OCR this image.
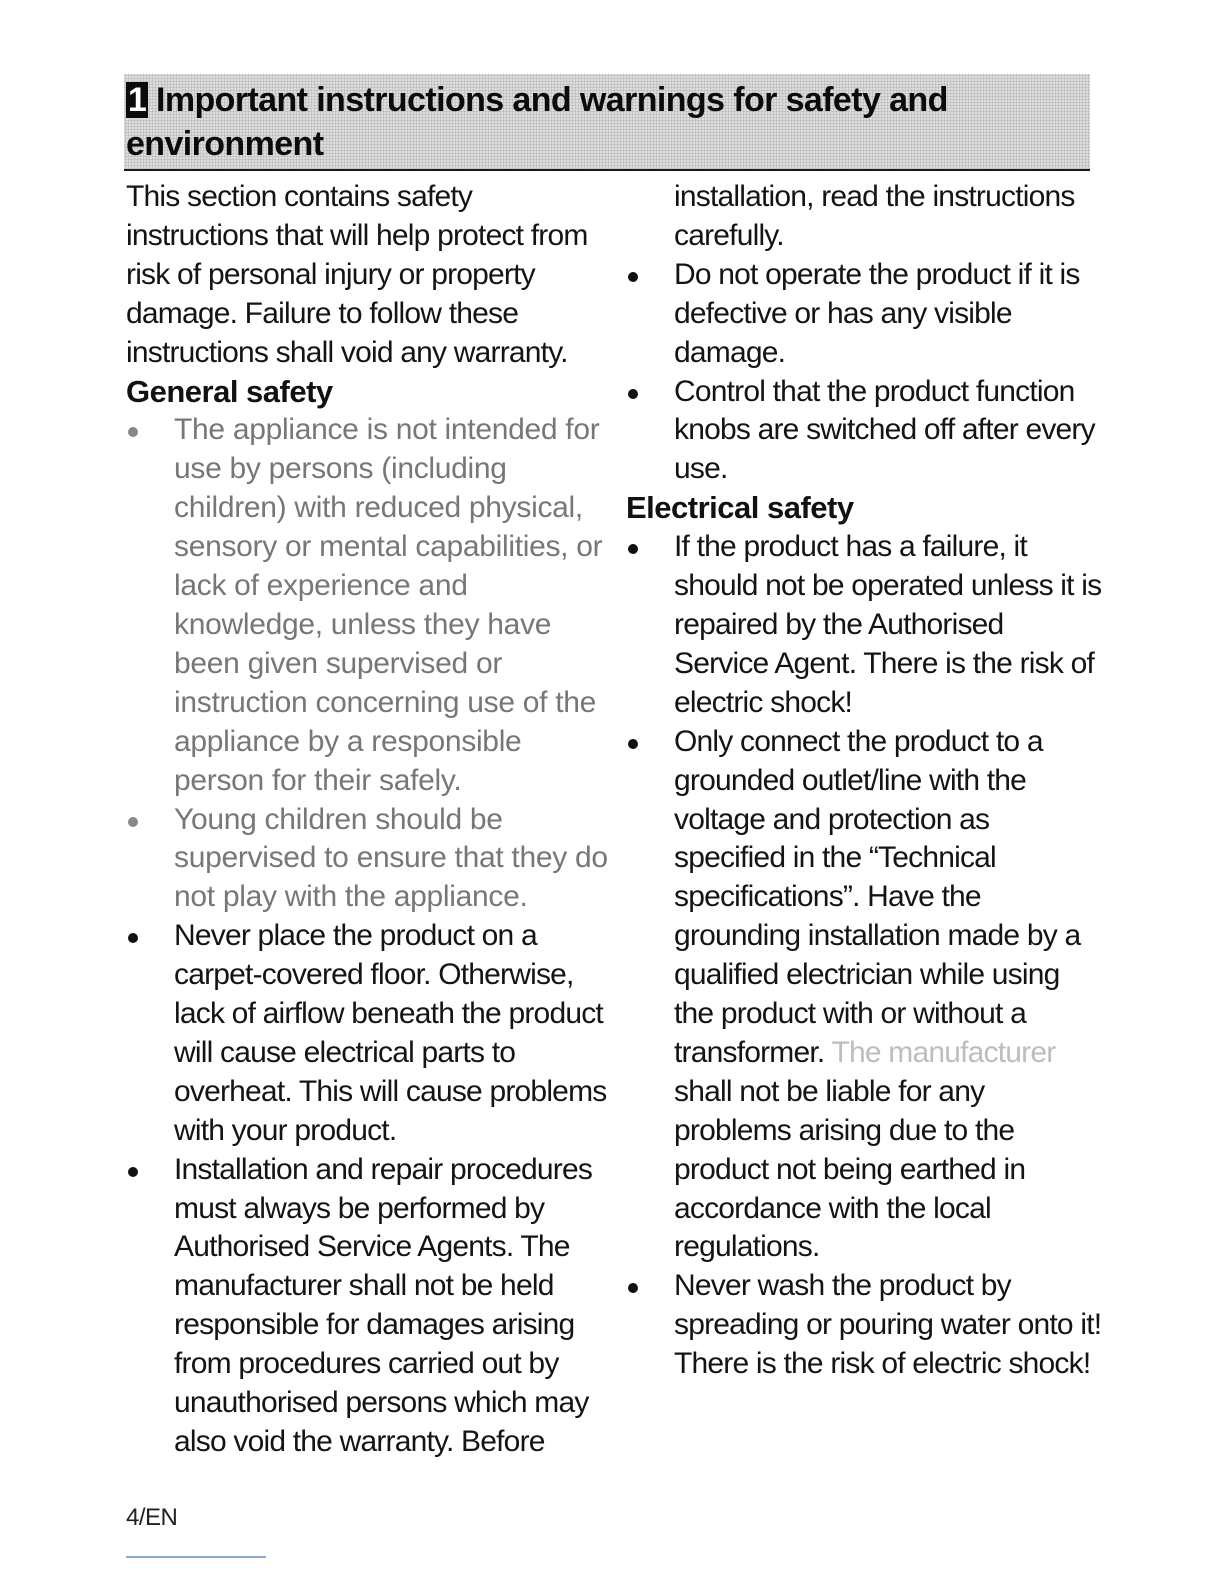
1 Important instructions and warnings for safety and environment

This section contains safety instructions that will help protect from risk of personal injury or property damage. Failure to follow these instructions shall void any warranty.

General safety
The appliance is not intended for use by persons (including children) with reduced physical, sensory or mental capabilities, or lack of experience and knowledge, unless they have been given supervised or instruction concerning use of the appliance by a responsible person for their safely.
Young children should be supervised to ensure that they do not play with the appliance.
Never place the product on a carpet-covered floor. Otherwise, lack of airflow beneath the product will cause electrical parts to overheat. This will cause problems with your product.
Installation and repair procedures must always be performed by Authorised Service Agents. The manufacturer shall not be held responsible for damages arising from procedures carried out by unauthorised persons which may also void the warranty. Before

installation, read the instructions carefully.

Do not operate the product if it is defective or has any visible damage.
Control that the product function knobs are switched off after every use.
Electrical safety
If the product has a failure, it should not be operated unless it is repaired by the Authorised Service Agent. There is the risk of electric shock!
Only connect the product to a grounded outlet/line with the voltage and protection as specified in the “Technical specifications”. Have the grounding installation made by a qualified electrician while using the product with or without a transformer. The manufacturer shall not be liable for any problems arising due to the product not being earthed in accordance with the local regulations.
Never wash the product by spreading or pouring water onto it! There is the risk of electric shock!
4/EN
